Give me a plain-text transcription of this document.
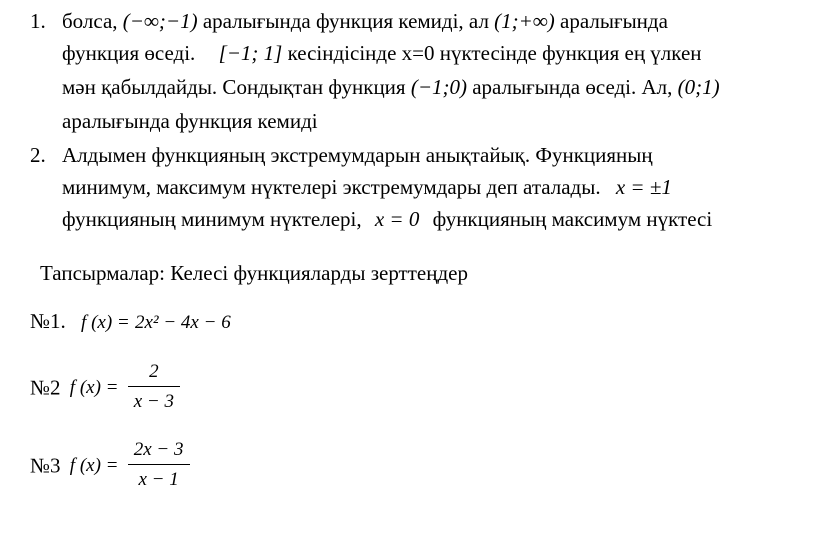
1. болса, (−∞;−1) аралығында функция кемиді, ал (1;+∞) аралығында
функция өседі. [−1; 1] кесіндісінде х=0 нүктесінде функция ең үлкен
мән қабылдайды. Сондықтан функция (−1;0) аралығында өседі. Ал, (0;1)
аралығында функция кемиді
2. Алдымен функцияның экстремумдарын анықтайық. Функцияның
минимум, максимум нүктелері экстремумдары деп аталады. x = ±1
функцияның минимум нүктелері, x = 0 функцияның максимум нүктесі
Тапсырмалар: Келесі функцияларды зерттеңдер
№1. f (x) = 2x² − 4x − 6
№2 f $(x) = \frac{2}{x - 3}$
№3 f $(x) = \frac{2x - 3}{x - 1}$
